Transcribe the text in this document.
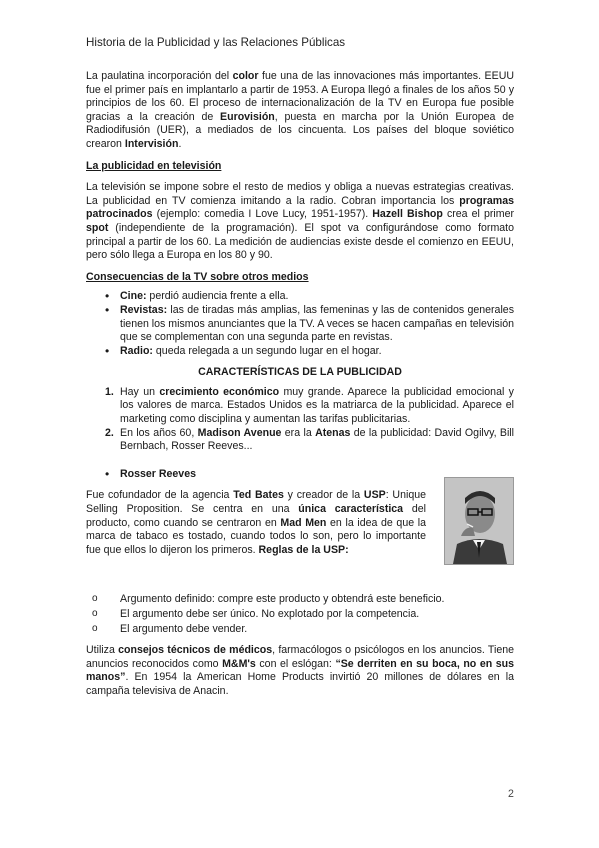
Historia de la Publicidad y las Relaciones Públicas

La paulatina incorporación del color fue una de las innovaciones más importantes. EEUU fue el primer país en implantarlo a partir de 1953. A Europa llegó a finales de los años 50 y principios de los 60. El proceso de internacionalización de la TV en Europa fue posible gracias a la creación de Eurovisión, puesta en marcha por la Unión Europea de Radiodifusión (UER), a mediados de los cincuenta. Los países del bloque soviético crearon Intervisión.

La publicidad en televisión

La televisión se impone sobre el resto de medios y obliga a nuevas estrategias creativas. La publicidad en TV comienza imitando a la radio. Cobran importancia los programas patrocinados (ejemplo: comedia I Love Lucy, 1951-1957). Hazell Bishop crea el primer spot (independiente de la programación). El spot va configurándose como formato principal a partir de los 60. La medición de audiencias existe desde el comienzo en EEUU, pero sólo llega a Europa en los 80 y 90.

Consecuencias de la TV sobre otros medios

• Cine: perdió audiencia frente a ella.
• Revistas: las de tiradas más amplias, las femeninas y las de contenidos generales tienen los mismos anunciantes que la TV. A veces se hacen campañas en televisión que se complementan con una segunda parte en revistas.
• Radio: queda relegada a un segundo lugar en el hogar.

CARACTERÍSTICAS DE LA PUBLICIDAD

1. Hay un crecimiento económico muy grande. Aparece la publicidad emocional y los valores de marca. Estados Unidos es la matriarca de la publicidad. Aparece el marketing como disciplina y aumentan las tarifas publicitarias.
2. En los años 60, Madison Avenue era la Atenas de la publicidad: David Ogilvy, Bill Bernbach, Rosser Reeves...
• Rosser Reeves

Fue cofundador de la agencia Ted Bates y creador de la USP: Unique Selling Proposition. Se centra en una única característica del producto, como cuando se centraron en Mad Men en la idea de que la marca de tabaco es tostado, cuando todos lo son, pero lo importante fue que ellos lo dijeron los primeros. Reglas de la USP:

o Argumento definido: compre este producto y obtendrá este beneficio.
o El argumento debe ser único. No explotado por la competencia.
o El argumento debe vender.

Utiliza consejos técnicos de médicos, farmacólogos o psicólogos en los anuncios. Tiene anuncios reconocidos como M&M's con el eslógan: “Se derriten en su boca, no en sus manos”. En 1954 la American Home Products invirtió 20 millones de dólares en la campaña televisiva de Anacin.

2
